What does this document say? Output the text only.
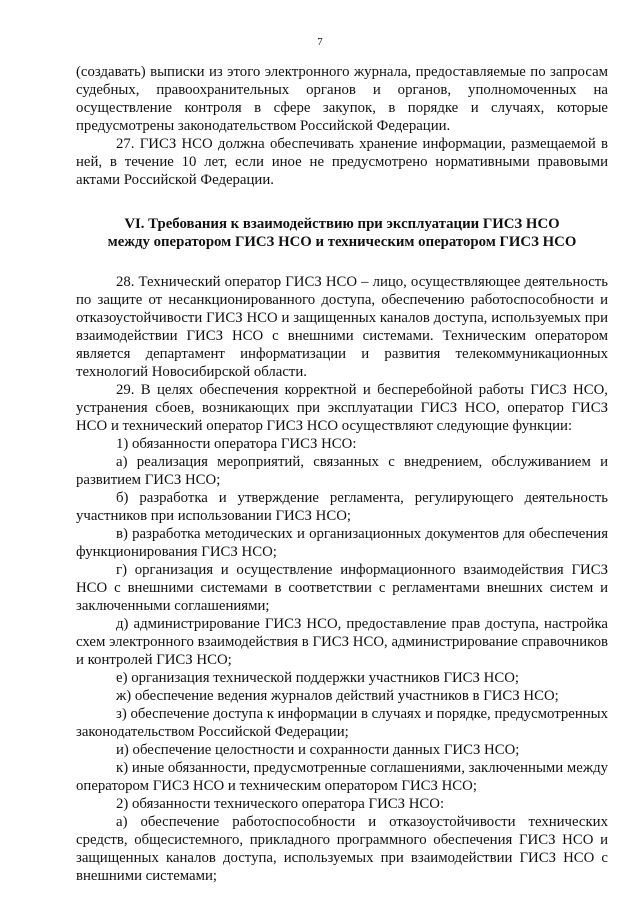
7

(создавать) выписки из этого электронного журнала, предоставляемые по запросам судебных, правоохранительных органов и органов, уполномоченных на осуществление контроля в сфере закупок, в порядке и случаях, которые предусмотрены законодательством Российской Федерации.

27. ГИСЗ НСО должна обеспечивать хранение информации, размещаемой в ней, в течение 10 лет, если иное не предусмотрено нормативными правовыми актами Российской Федерации.

VI. Требования к взаимодействию при эксплуатации ГИСЗ НСО
между оператором ГИСЗ НСО и техническим оператором ГИСЗ НСО

28. Технический оператор ГИСЗ НСО – лицо, осуществляющее деятельность по защите от несанкционированного доступа, обеспечению работоспособности и отказоустойчивости ГИСЗ НСО и защищенных каналов доступа, используемых при взаимодействии ГИСЗ НСО с внешними системами. Техническим оператором является департамент информатизации и развития телекоммуникационных технологий Новосибирской области.

29. В целях обеспечения корректной и бесперебойной работы ГИСЗ НСО, устранения сбоев, возникающих при эксплуатации ГИСЗ НСО, оператор ГИСЗ НСО и технический оператор ГИСЗ НСО осуществляют следующие функции:

1) обязанности оператора ГИСЗ НСО:

а) реализация мероприятий, связанных с внедрением, обслуживанием и развитием ГИСЗ НСО;

б) разработка и утверждение регламента, регулирующего деятельность участников при использовании ГИСЗ НСО;

в) разработка методических и организационных документов для обеспечения функционирования ГИСЗ НСО;

г) организация и осуществление информационного взаимодействия ГИСЗ НСО с внешними системами в соответствии с регламентами внешних систем и заключенными соглашениями;

д) администрирование ГИСЗ НСО, предоставление прав доступа, настройка схем электронного взаимодействия в ГИСЗ НСО, администрирование справочников и контролей ГИСЗ НСО;

е) организация технической поддержки участников ГИСЗ НСО;

ж) обеспечение ведения журналов действий участников в ГИСЗ НСО;

з) обеспечение доступа к информации в случаях и порядке, предусмотренных законодательством Российской Федерации;

и) обеспечение целостности и сохранности данных ГИСЗ НСО;

к) иные обязанности, предусмотренные соглашениями, заключенными между оператором ГИСЗ НСО и техническим оператором ГИСЗ НСО;

2) обязанности технического оператора ГИСЗ НСО:

а) обеспечение работоспособности и отказоустойчивости технических средств, общесистемного, прикладного программного обеспечения ГИСЗ НСО и защищенных каналов доступа, используемых при взаимодействии ГИСЗ НСО с внешними системами;
